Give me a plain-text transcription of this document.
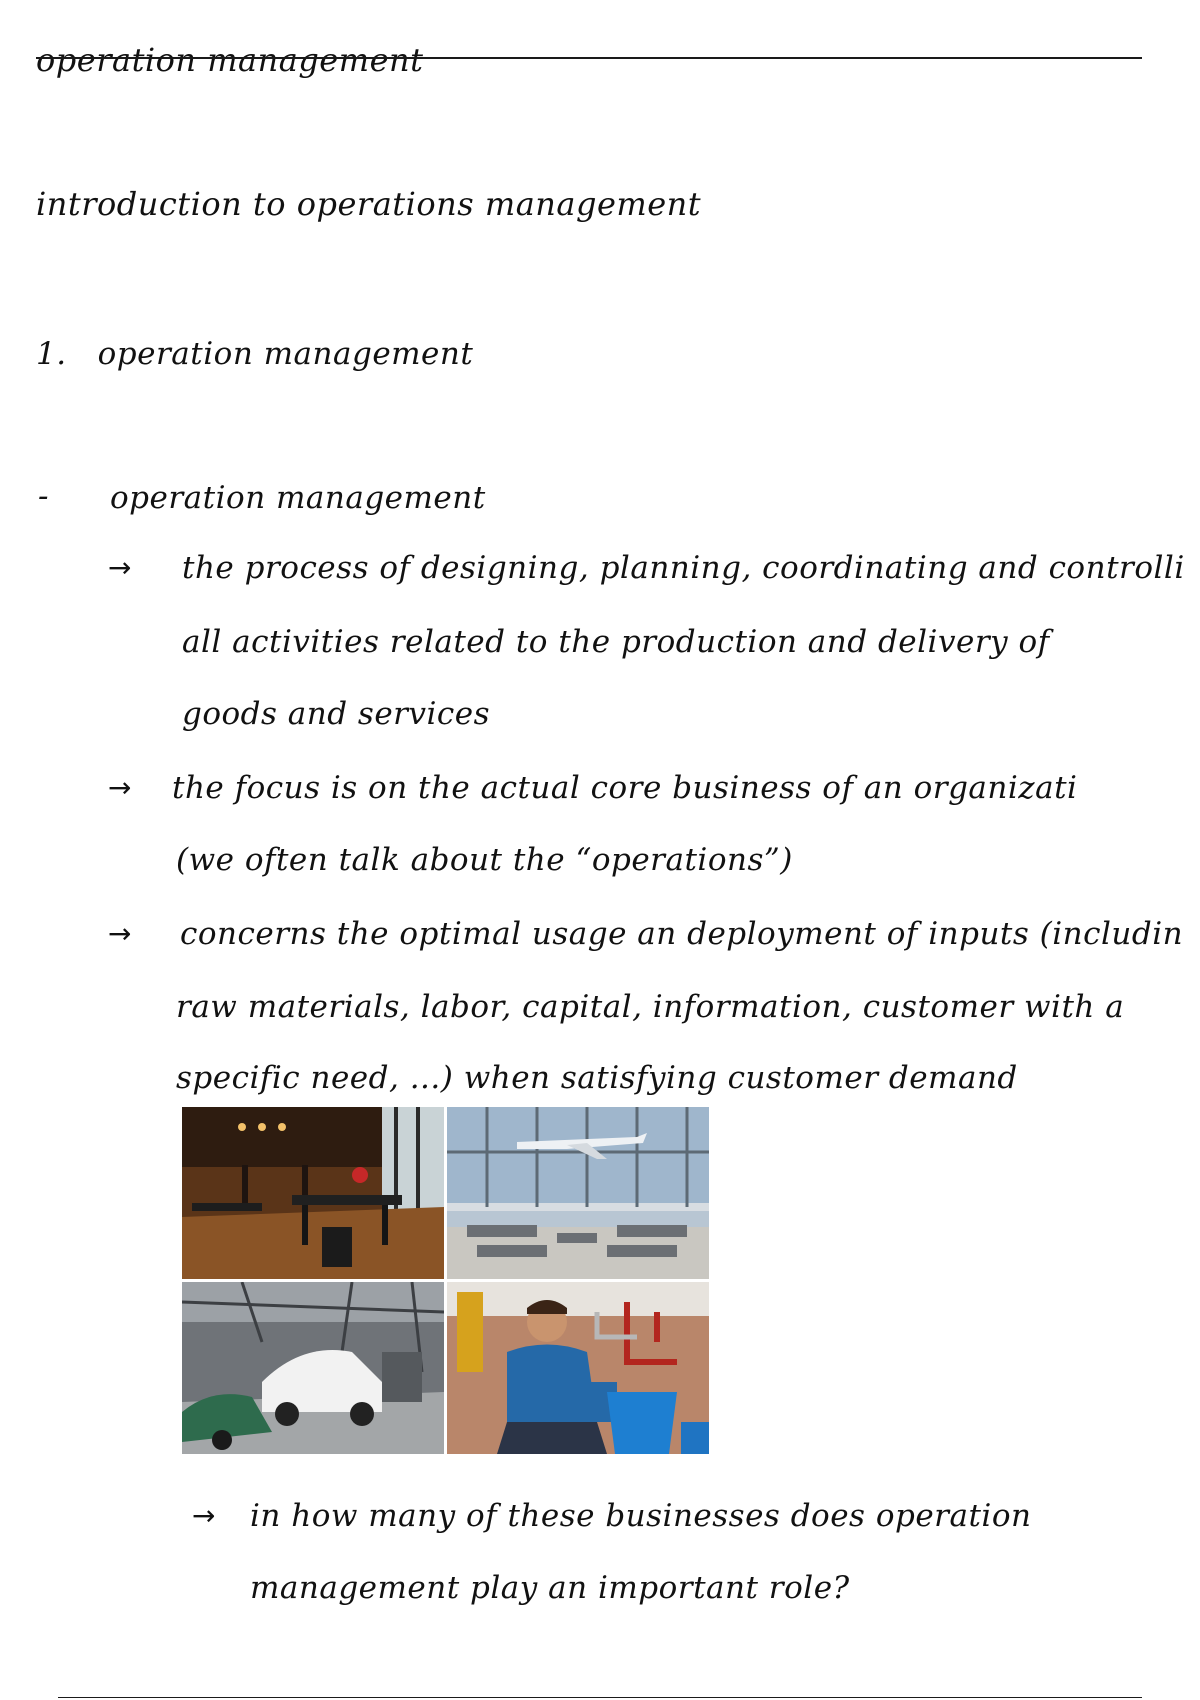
operation management
introduction to operations management
1.   operation management
- operation management
→ the process of designing, planning, coordinating and controlli
all activities related to the production and delivery of
goods and services
→ the focus is on the actual core business of an organizati
(we often talk about the “operations”)
→ concerns the optimal usage an deployment of inputs (includin
raw materials, labor, capital, information, customer with a
specific need, ...) when satisfying customer demand
→ in how many of these businesses does operation
management play an important role?
